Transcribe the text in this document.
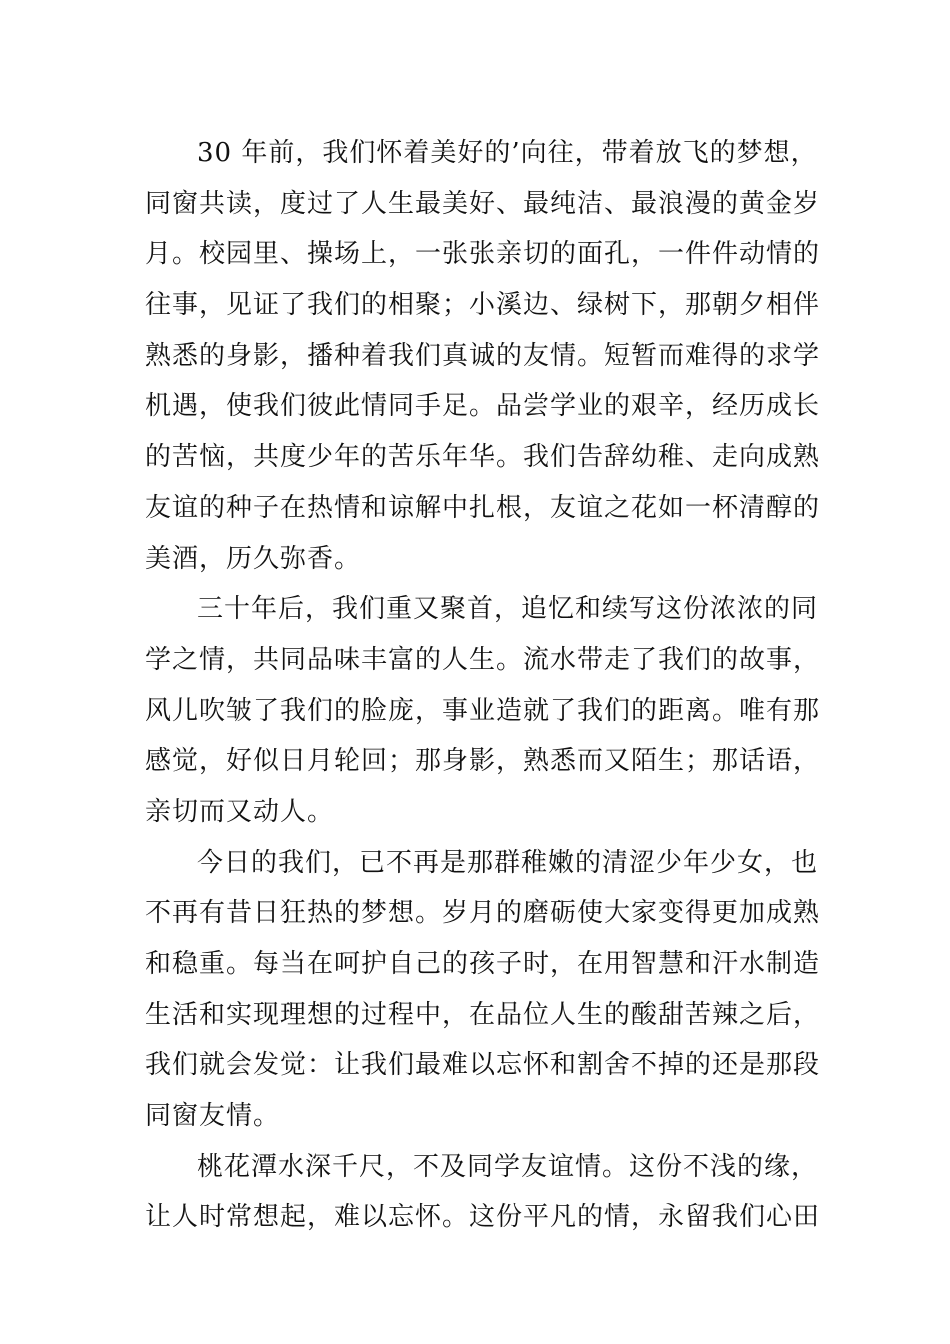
30 年前，我们怀着美好的’向往，带着放飞的梦想，
同窗共读，度过了人生最美好、最纯洁、最浪漫的黄金岁
月。校园里、操场上，一张张亲切的面孔，一件件动情的
往事，见证了我们的相聚；小溪边、绿树下，那朝夕相伴
熟悉的身影，播种着我们真诚的友情。短暂而难得的求学
机遇，使我们彼此情同手足。品尝学业的艰辛，经历成长
的苦恼，共度少年的苦乐年华。我们告辞幼稚、走向成熟
友谊的种子在热情和谅解中扎根，友谊之花如一杯清醇的
美酒，历久弥香。
三十年后，我们重又聚首，追忆和续写这份浓浓的同
学之情，共同品味丰富的人生。流水带走了我们的故事，
风儿吹皱了我们的脸庞，事业造就了我们的距离。唯有那
感觉，好似日月轮回；那身影，熟悉而又陌生；那话语，
亲切而又动人。
今日的我们，已不再是那群稚嫩的清涩少年少女，也
不再有昔日狂热的梦想。岁月的磨砺使大家变得更加成熟
和稳重。每当在呵护自己的孩子时，在用智慧和汗水制造
生活和实现理想的过程中，在品位人生的酸甜苦辣之后，
我们就会发觉：让我们最难以忘怀和割舍不掉的还是那段
同窗友情。
桃花潭水深千尺，不及同学友谊情。这份不浅的缘，
让人时常想起，难以忘怀。这份平凡的情，永留我们心田
